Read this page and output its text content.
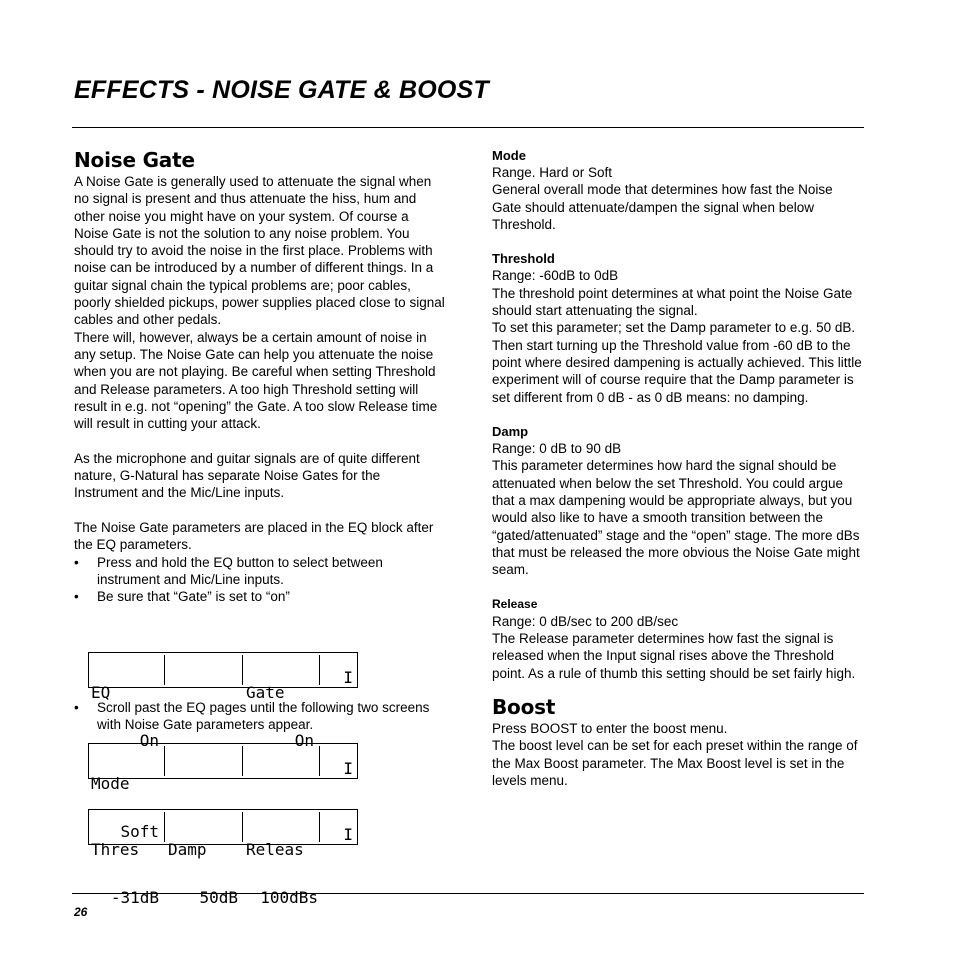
EFFECTS - NOISE GATE & BOOST
Noise Gate

A Noise Gate is generally used to attenuate the signal when no signal is present and thus attenuate the hiss, hum and other noise you might have on your system. Of course a Noise Gate is not the solution to any noise problem. You should try to avoid the noise in the first place. Problems with noise can be introduced by a number of different things. In a guitar signal chain the typical problems are; poor cables, poorly shielded pickups, power supplies placed close to signal cables and other pedals.

There will, however, always be a certain amount of noise in any setup. The Noise Gate can help you attenuate the noise when you are not playing. Be careful when setting Threshold and Release parameters. A too high Threshold setting will result in e.g. not “opening” the Gate. A too slow Release time will result in cutting your attack.

As the microphone and guitar signals are of quite different nature, G-Natural has separate Noise Gates for the Instrument and the Mic/Line inputs.

The Noise Gate parameters are placed in the EQ block after the EQ parameters.

• Press and hold the EQ button to select between instrument and Mic/Line inputs.
• Be sure that “Gate” is set to “on”

EQ

On

Gate

On

I
• Scroll past the EQ pages until the following two screens with Noise Gate parameters appear.

Mode

Soft

I

Thres

-31dB

Damp

50dB

Releas

100dBs

I

Mode

Range. Hard or Soft

General overall mode that determines how fast the Noise Gate should attenuate/dampen the signal when below Threshold.

Threshold

Range: -60dB to 0dB

The threshold point determines at what point the Noise Gate should start attenuating the signal.

To set this parameter; set the Damp parameter to e.g. 50 dB. Then start turning up the Threshold value from -60 dB to the point where desired dampening is actually achieved. This little experiment will of course require that the Damp parameter is set different from 0 dB - as 0 dB means: no damping.

Damp

Range: 0 dB to 90 dB

This parameter determines how hard the signal should be attenuated when below the set Threshold. You could argue that a max dampening would be appropriate always, but you would also like to have a smooth transition between the “gated/attenuated” stage and the “open” stage. The more dBs that must be released the more obvious the Noise Gate might seam.

Release

Range: 0 dB/sec to 200 dB/sec

The Release parameter determines how fast the signal is released when the Input signal rises above the Threshold point. As a rule of thumb this setting should be set fairly high.

Boost

Press BOOST to enter the boost menu.

The boost level can be set for each preset within the range of the Max Boost parameter. The Max Boost level is set in the levels menu.

26
